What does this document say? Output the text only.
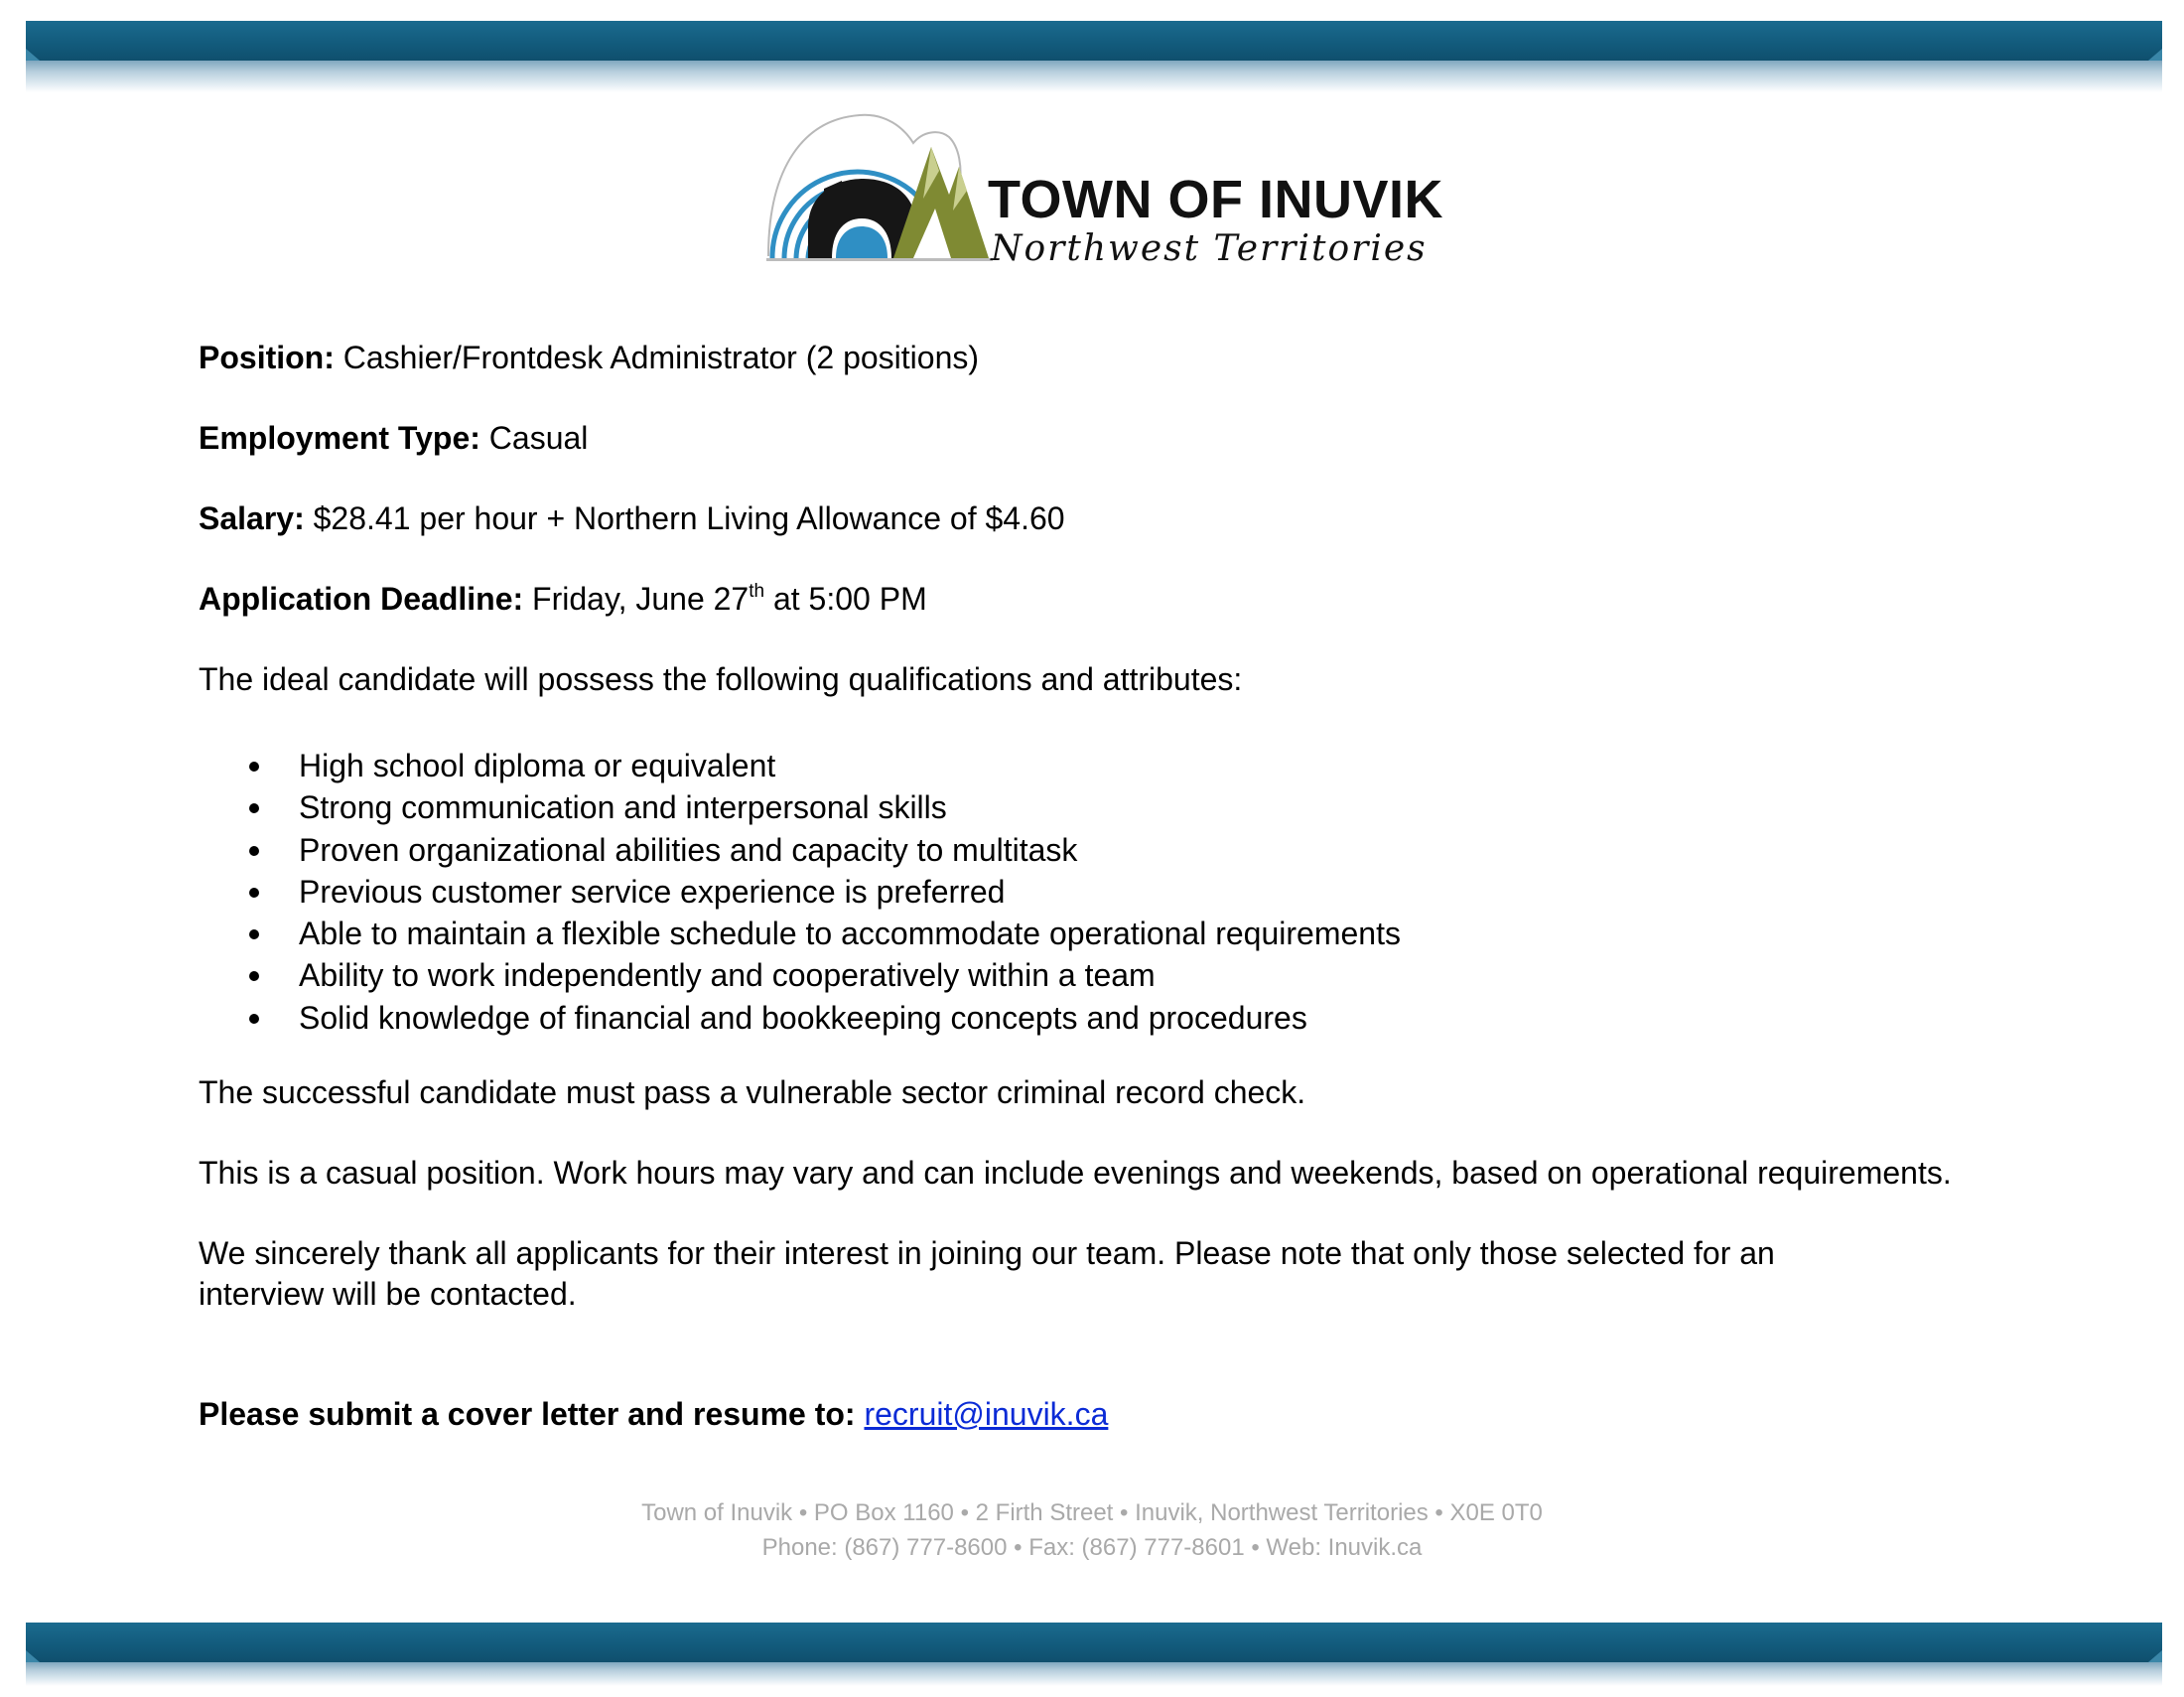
TOWN OF INUVIK
Northwest Territories
Position: Cashier/Frontdesk Administrator (2 positions)
Employment Type: Casual
Salary: $28.41 per hour + Northern Living Allowance of $4.60
Application Deadline: Friday, June 27th at 5:00 PM
The ideal candidate will possess the following qualifications and attributes:
High school diploma or equivalent
Strong communication and interpersonal skills
Proven organizational abilities and capacity to multitask
Previous customer service experience is preferred
Able to maintain a flexible schedule to accommodate operational requirements
Ability to work independently and cooperatively within a team
Solid knowledge of financial and bookkeeping concepts and procedures
The successful candidate must pass a vulnerable sector criminal record check.
This is a casual position. Work hours may vary and can include evenings and weekends, based on operational requirements.
We sincerely thank all applicants for their interest in joining our team. Please note that only those selected for an
interview will be contacted.
Please submit a cover letter and resume to: recruit@inuvik.ca
Town of Inuvik • PO Box 1160 • 2 Firth Street • Inuvik, Northwest Territories • X0E 0T0
Phone: (867) 777-8600 • Fax: (867) 777-8601 • Web: Inuvik.ca
